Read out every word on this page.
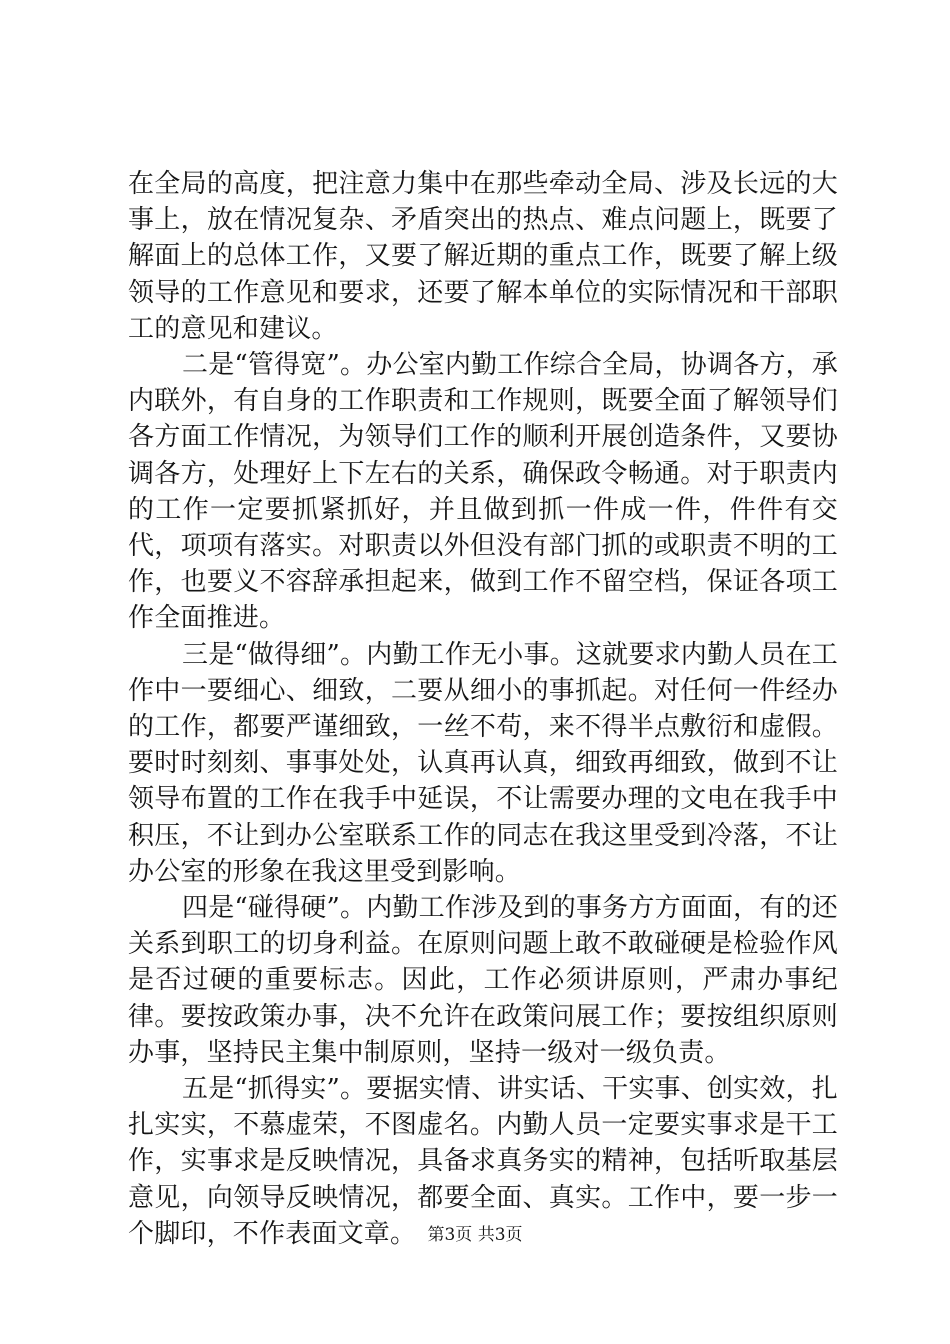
在全局的高度，把注意力集中在那些牵动全局、涉及长远的大事上，放在情况复杂、矛盾突出的热点、难点问题上，既要了解面上的总体工作，又要了解近期的重点工作，既要了解上级领导的工作意见和要求，还要了解本单位的实际情况和干部职工的意见和建议。

二是“管得宽”。办公室内勤工作综合全局，协调各方，承内联外，有自身的工作职责和工作规则，既要全面了解领导们各方面工作情况，为领导们工作的顺利开展创造条件，又要协调各方，处理好上下左右的关系，确保政令畅通。对于职责内的工作一定要抓紧抓好，并且做到抓一件成一件，件件有交代，项项有落实。对职责以外但没有部门抓的或职责不明的工作，也要义不容辞承担起来，做到工作不留空档，保证各项工作全面推进。

三是“做得细”。内勤工作无小事。这就要求内勤人员在工作中一要细心、细致，二要从细小的事抓起。对任何一件经办的工作，都要严谨细致，一丝不苟，来不得半点敷衍和虚假。要时时刻刻、事事处处，认真再认真，细致再细致，做到不让领导布置的工作在我手中延误，不让需要办理的文电在我手中积压，不让到办公室联系工作的同志在我这里受到冷落，不让办公室的形象在我这里受到影响。

四是“碰得硬”。内勤工作涉及到的事务方方面面，有的还关系到职工的切身利益。在原则问题上敢不敢碰硬是检验作风是否过硬的重要标志。因此，工作必须讲原则，严肃办事纪律。要按政策办事，决不允许在政策问展工作；要按组织原则办事，坚持民主集中制原则，坚持一级对一级负责。

五是“抓得实”。要据实情、讲实话、干实事、创实效，扎扎实实，不慕虚荣，不图虚名。内勤人员一定要实事求是干工作，实事求是反映情况，具备求真务实的精神，包括听取基层意见，向领导反映情况，都要全面、真实。工作中，要一步一个脚印，不作表面文章。 第3页 共3页
